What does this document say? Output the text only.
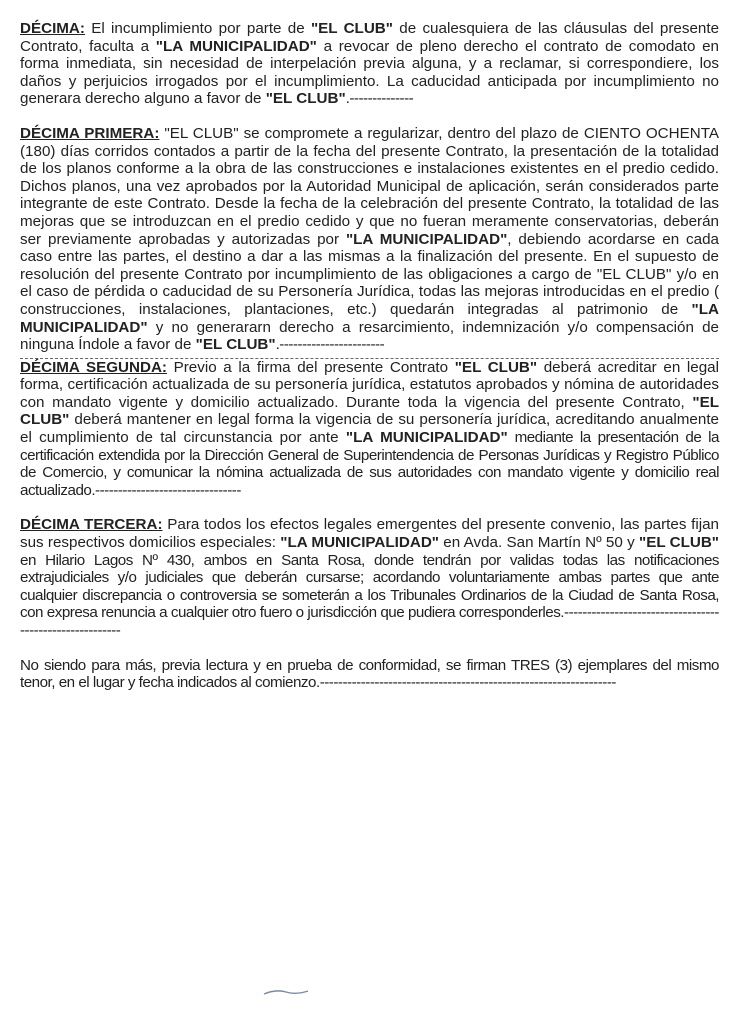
DÉCIMA: El incumplimiento por parte de "EL CLUB" de cualesquiera de las cláusulas del presente Contrato, faculta a "LA MUNICIPALIDAD" a revocar de pleno derecho el contrato de comodato en forma inmediata, sin necesidad de interpelación previa alguna, y a reclamar, si correspondiere, los daños y perjuicios irrogados por el incumplimiento. La caducidad anticipada por incumplimiento no generara derecho alguno a favor de "EL CLUB".--------------

DÉCIMA PRIMERA: "EL CLUB" se compromete a regularizar, dentro del plazo de CIENTO OCHENTA (180) días corridos contados a partir de la fecha del presente Contrato, la presentación de la totalidad de los planos conforme a la obra de las construcciones e instalaciones existentes en el predio cedido. Dichos planos, una vez aprobados por la Autoridad Municipal de aplicación, serán considerados parte integrante de este Contrato. Desde la fecha de la celebración del presente Contrato, la totalidad de las mejoras que se introduzcan en el predio cedido y que no fueran meramente conservatorias, deberán ser previamente aprobadas y autorizadas por "LA MUNICIPALIDAD", debiendo acordarse en cada caso entre las partes, el destino a dar a las mismas a la finalización del presente. En el supuesto de resolución del presente Contrato por incumplimiento de las obligaciones a cargo de "EL CLUB" y/o en el caso de pérdida o caducidad de su Personería Jurídica, todas las mejoras introducidas en el predio ( construcciones, instalaciones, plantaciones, etc.) quedarán integradas al patrimonio de "LA MUNICIPALIDAD" y no generararn derecho a resarcimiento, indemnización y/o compensación de ninguna Índole a favor de "EL CLUB".-----------------------

DÉCIMA SEGUNDA: Previo a la firma del presente Contrato "EL CLUB" deberá acreditar en legal forma, certificación actualizada de su personería jurídica, estatutos aprobados y nómina de autoridades con mandato vigente y domicilio actualizado. Durante toda la vigencia del presente Contrato, "EL CLUB" deberá mantener en legal forma la vigencia de su personería jurídica, acreditando anualmente el cumplimiento de tal circunstancia por ante "LA MUNICIPALIDAD" mediante la presentación de la certificación extendida por la Dirección General de Superintendencia de Personas Jurídicas y Registro Público de Comercio, y comunicar la nómina actualizada de sus autoridades con mandato vigente y domicilio real actualizado.--------------------------------

DÉCIMA TERCERA: Para todos los efectos legales emergentes del presente convenio, las partes fijan sus respectivos domicilios especiales: "LA MUNICIPALIDAD" en Avda. San Martín Nº 50 y "EL CLUB" en Hilario Lagos Nº 430, ambos en Santa Rosa, donde tendrán por validas todas las notificaciones extrajudiciales y/o judiciales que deberán cursarse; acordando voluntariamente ambas partes que ante cualquier discrepancia o controversia se someterán a los Tribunales Ordinarios de la Ciudad de Santa Rosa, con expresa renuncia a cualquier otro fuero o jurisdicción que pudiera corresponderles.--------------------------------------------------------

No siendo para más, previa lectura y en prueba de conformidad, se firman TRES (3) ejemplares del mismo tenor, en el lugar y fecha indicados al comienzo.-----------------------------------------------------------------
